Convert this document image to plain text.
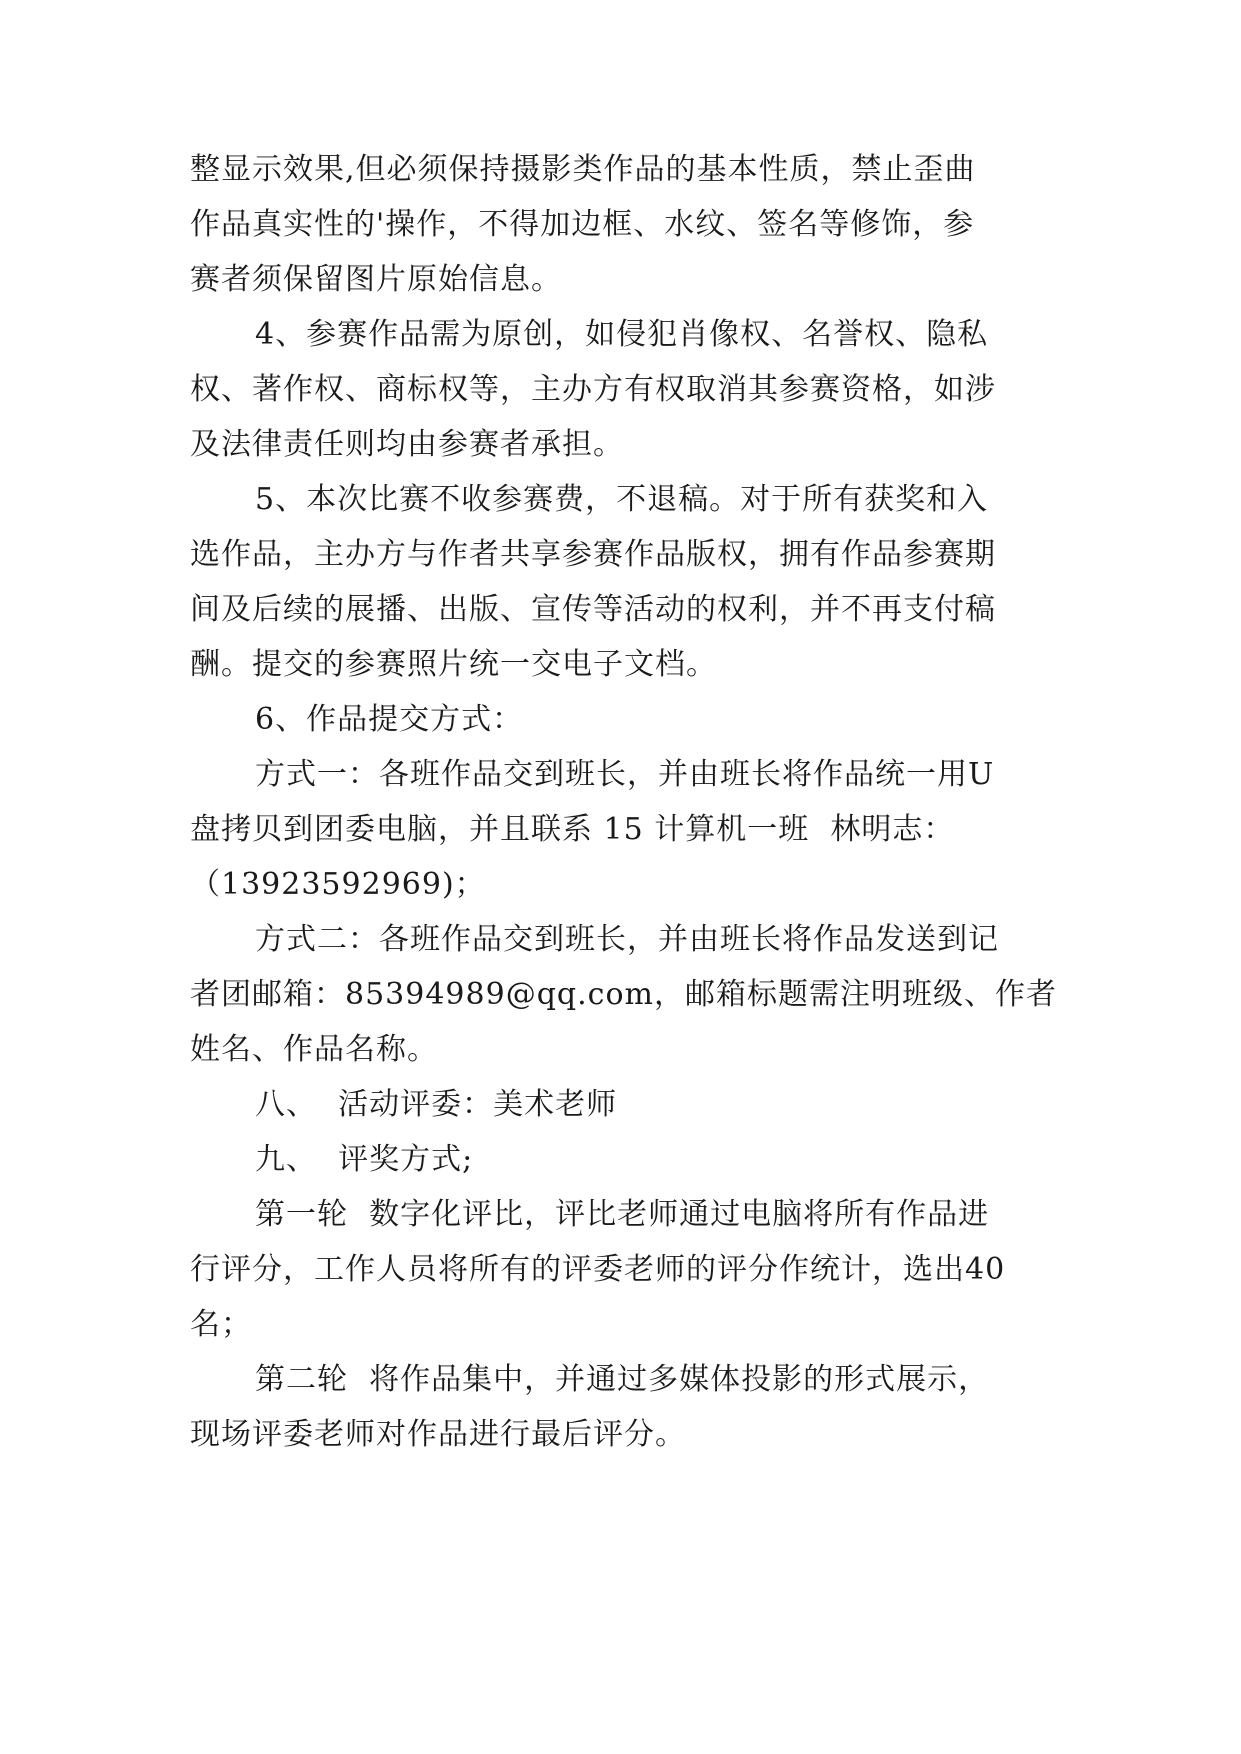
整显示效果,但必须保持摄影类作品的基本性质，禁止歪曲
作品真实性的'操作，不得加边框、水纹、签名等修饰，参
赛者须保留图片原始信息。
4、参赛作品需为原创，如侵犯肖像权、名誉权、隐私
权、著作权、商标权等，主办方有权取消其参赛资格，如涉
及法律责任则均由参赛者承担。
5、本次比赛不收参赛费，不退稿。对于所有获奖和入
选作品，主办方与作者共享参赛作品版权，拥有作品参赛期
间及后续的展播、出版、宣传等活动的权利，并不再支付稿
酬。提交的参赛照片统一交电子文档。
6、作品提交方式：
方式一：各班作品交到班长，并由班长将作品统一用U
盘拷贝到团委电脑，并且联系 15 计算机一班  林明志：
（13923592969)；
方式二：各班作品交到班长，并由班长将作品发送到记
者团邮箱：85394989@qq.com，邮箱标题需注明班级、作者
姓名、作品名称。
八、  活动评委：美术老师
九、  评奖方式;
第一轮  数字化评比，评比老师通过电脑将所有作品进
行评分，工作人员将所有的评委老师的评分作统计，选出40
名；
第二轮  将作品集中，并通过多媒体投影的形式展示，
现场评委老师对作品进行最后评分。
